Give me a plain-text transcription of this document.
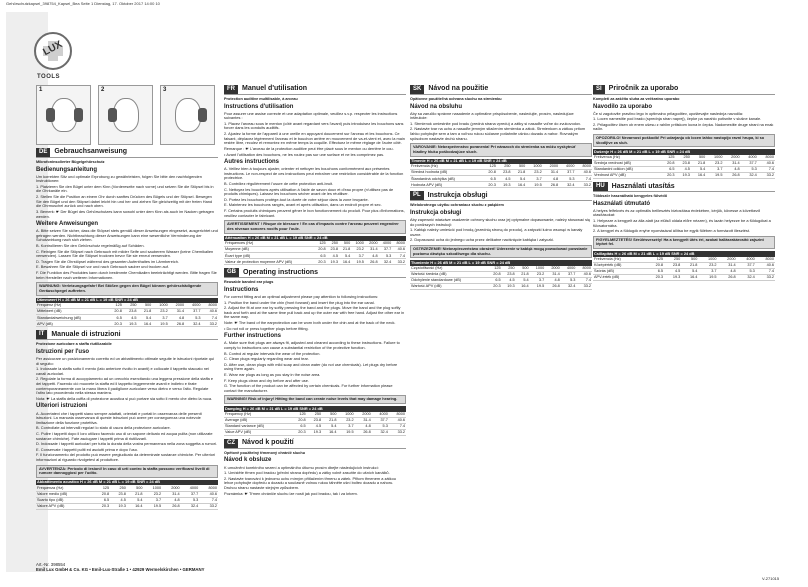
Gehörschutzkapsel_398754_Kapsel_Bea Seite 1 Dienstag, 17. Oktober 2017 14:00 10
LUX
TOOLS
1	2	3
DE	Gebrauchsanweisung
Mikrofoninsolierter Bügelgehörschutz
Bedienungsanleitung

Um korrekten Sitz und optimale Erprobung zu gewährleisten, folgen Sie bitte den nachfolgenden Instruktionen:

1. Platzieren Sie den Bügel unter dem Kinn (Vordereseite nach vorne) und setzen Sie die Stöpsel bis in die Ohrkanäle ein.

2. Stellen Sie die Position an einem Ohr durch sanftes Drücken des Bügels und der Stöpsel. Bewegen Sie den Bügel und den Stöpsel dabei leicht hin und her und ziehen Sie gleichzeitig mit der freien Hand die Ohrmuschel zurück und nach oben.

3. Bemerk: ☛ Der Bügel des Gehörschutzes kann sowohl unter dem Kinn als auch im Nacken getragen werden.

Weitere Anweisungen

A. Bitte setzen Sie sicher, dass die Stöpsel stets gemäß dieser Anweisungen eingesetzt, ausgerichtet und getragen werden. Nichtbeachtung dieser Anweisungen kann eine wesentliche Verminderung der Schutzwirkung nach sich ziehen.

B. Kontrollieren Sie den Gehörschutz regelmäßig auf Schäden.

C. Reinigen Sie die Stöpsel nach Gebrauch mit milder Seife und sauberem Wasser (keine Chemikalien verwenden). Lassen Sie die Stöpsel trocknen bevor Sie sie erneut verwenden.

D. Tragen Sie die Ohrstöpsel während des gesamten Aufenthaltes im Lärmbereich.

E. Bewahren Sie die Stöpsel vor und nach Gebrauch sauber und trocken auf.

F. Die Funktion des Produktes kann durch bestimmte Chemikalien beeinträchtigt werden. Bitte fragen Sie beim Hersteller nach weiteren Informationen.

WARNUNG: Verletzungsgefahr! Bei Stößen gegen den Bügel können gehörschädigende Geräuschpegel auftreten.
Dämmwert H = 26 dB M = 21 dB L = 19 dB SNR = 24 dB							
Frequenz (Hz)	125	250	500	1000	2000	4000	8000
Mittelwert (dB)	20.8	23.8	21.8	23.2	31.4	37.7	40.6
Standardabweichung (dB)	6.5	4.5	5.4	3.7	4.8	5.3	7.4
APV (dB)	20.3	19.3	16.4	19.5	26.8	32.4	33.2
IT	Manuale di istruzioni
Protezione auricolare a staffa riutilizzabile
Istruzioni per l'uso

Per assicurare un posizionamento corretto ed un abbattimento ottimale seguite le istruzioni riportate qui di seguito:

1. Indossate la staffa sotto il mento (lato anteriore rivolto in avanti) e collocate il tappetto staccato nei canali auricolari.

2. Regolate la forma di accoppiamento ad un orecchio esercitando una leggera pressione della staffa e dei tappetti. Facendo ciò muovete la staffa ed il tappetto leggermente avanti e indietro e tirate contemporaneamente con la mano libera il padiglione auricolare verso dietro e verso l'alto. Regolate l'altro lato procedendo nella stessa maniera.

Nota: ☛ La staffa della cuffia di protezione acustica si può portare sia sotto il mento che dietro la nuca.

Ulteriori istruzioni

A. Accertatevi che i tappetti siano sempre adattati, orientati e portati in osservanza delle presenti istruzioni. La mancata osservanza di queste istruzioni può avere per conseguenza una notevole limitazione della funzione protettiva.

B. Controllate ad intervalli regolari lo stato di usura della protezione auricolare.

C. Pulire i tappetti dopo il loro utilizzo facendo uso di un sapone delicato ed acqua pulita (non utilizzate sostanze chimiche). Fate asciugare i tappetti prima di riutilizzarli.

D. Indossate i tappetti auricolari per tutta la durata della vostra permanenza nella zona soggetta a rumori.

E. Conservate i tappetti puliti ed asciutti prima e dopo l'uso.

F. Il funzionamento del prodotto può essere pregiudicato da determinate sostanze chimiche. Per ulteriori informazioni al riguardo rivolgetevi al produttore.

AVVERTENZA: Pericolo di lesioni! In caso di urti contro la staffa possono verificarsi livelli di rumore dannoggiosi per l'udito.
Abbattimento acustico H = 26 dB M = 21 dB L = 19 dB SNR = 24 dB							
Frequenza (Hz)	125	250	500	1000	2000	4000	8000
Valore medio (dB)	20.8	23.8	21.8	23.2	31.4	37.7	40.6
Scarto tipo (dB)	6.5	4.5	5.4	3.7	4.8	5.3	7.4
Valore APV (dB)	20.3	19.3	16.4	19.5	26.8	32.4	33.2
FR	Manuel d'utilisation
Protection auditive multilisable, à arceau
Instructions d'utilisation

Pour assurer une assise correcte et une adaptation optimale, veuillez s.v.p. respecter les instructions suivantes :

1. Placez l'arceau sous le menton (côté avant regardant vers l'avant) puis introduisez les bouchons sans forcer dans les conduits auditifs.

2. Ajustez la forme de l'appareil à une oreille en appuyant doucement sur l'arceau et les bouchons. Ce faisant, déplacez légèrement l'arceau et le bouchon arrière en mouvement de va-et-vient et, avec la main restée libre, reculez et remontez en même temps la coquille. Effectuez le même réglage de l'autre côté.

Remarque : ☛ L'arceau de la protection auditive peut être placé sous le menton ou derrière le cou.

• Avant l'utilisation des bouchons, ne les roulez pas sur une surface et ne les comprimez pas.

Autres instructions

A. Veillez bien à toujours ajuster, orienter et nettoyer les bouchons conformément aux présentes instructions. Le non-respect de ces instructions peut entraîner une restriction considérable de la fonction protectrice.

B. Contrôlez régulièrement l'usure de cette protection anti-bruit.

C. Nettoyez les bouchons après utilisation à l'aide de savon doux et d'eau propre (n'utilisez pas de produits chimiques). Laissez les bouchons sécher avant de les réutiliser.

D. Portez les bouchons protège-tout la durée de votre séjour dans la zone bruyante.

E. Maintenez les bouchons rangés, avant et après utilisation, dans un endroit propre et sec.

F. Certains produits chimiques peuvent gêner le bon fonctionnement du produit. Pour plus d'informations, veuillez contacter le fabricant.

AVERTISSEMENT ! Risque de blessure ! En cas d'impacts contre l'arceau peuvent engendrer des niveaux sonores nocifs pour l'ouïe.
Atténuation H = 26 dB M = 21 dB L = 19 dB SNR = 24 dB							
Fréquences (Hz)	125	250	500	1000	2000	4000	8000
Moyenne (dB)	20.8	23.8	21.8	23.2	31.4	37.7	40.6
Écart type (dB)	6.5	4.5	5.4	3.7	4.8	5.3	7.4
Valeur de protection moyenne APV (dB)	20.3	19.3	16.4	19.5	26.8	32.4	33.2
GB	Operating instructions
Reusable banded ear plugs
Instructions

For correct fitting and an optimal adjustment please pay attention to following instructions:

1. Position the band under the chin (front forward) and insert the plug into the ear canal.

2. Adjust the fit at one ear by softly pressing the band and the plugs. Move the band and the plug softly back and forth and at the same time pull back and up the outer ear with free hand. Adjust the other ear in the same way.

Note: ☛ The band of the earprotection can be worn both under the chin and at the back of the neck.

• Do not roll or press together plugs before fitting.

Further instructions

A. Make sure that plugs are always fit, adjusted and cleaned according to these instructions. Failure to comply to instructions can cause a substantial restriction of the protective function.

B. Control at regular intervals the wear of the protection.

C. Clean plugs regularly regarding wear and tear.

D. After use, clean plugs with mild soap and clean water (do not use chemicals). Let plugs dry before using them again.

E. Wear ear plugs as long as you stay in the noise area.

F. Keep plugs clean and dry before and after use.

G. The function of the product can be affected by certain chemicals. For further information please contact the manufacturer.

WARNING! Risk of injury! Hitting the band can create noise levels that may damage hearing.
Damping H = 26 dB M = 21 dB L = 19 dB SNR = 24 dB							
Frequency (Hz)	125	250	500	1000	2000	4000	8000
Average (dB)	20.8	23.8	21.8	23.2	31.4	37.7	40.6
Standard variance (dB)	6.5	4.5	5.4	3.7	4.8	5.3	7.4
Value APV (dB)	20.3	19.3	16.4	19.5	26.8	32.4	33.2
CZ	Návod k použití
Opětově použitelný třmenový chránič sluchu
Návod k obsluze

K umožnění korektního sezení a optimálního útlumu prosím dbejte následujících instrukcí:

1. Umístěte třmen pod bradou (přední strana dopředu) a zátky volně zasuňte do ušních kanálků.

2. Nastavte tvarování k jednomu uchu mírným přitlačením třmenu a zátek. Přitom třmenem a zátkou lehce pohybujte dopředu a dozadu a současně volnou rukou táhněte ušní boltec dozadu a nahoru. Druhou stranu nastavte stejným způsobem.

Poznámka: ☛ Třmen chrániče sluchu lze nosit jak pod bradou, tak i za krkem.

SK	Návod na použitie
Opätovne použiteľná ochrana sluchu na strmienku
Návod na obsluhu

Aby sa zaručilo správne nasadenie a optimálne prispôsobenie, nasledujte, prosím, nasledujúce inštrukcie:

1. Strmienok umiestnite pod bradu (predná strana vpredu) a zátky si nasaďte voľne do zvukovodov.

2. Nastavte tvar na uchu a nasaďte jemným stlačením strmienka a zátok. Strmienkom a zátkou pritom ľahko pohybujte sem a tam a voľnou rukou súčasne potiahnite ušnicu dozadu a nahor. Rovnakým spôsobom nastavte druhú stranu.

VAROVANIE: Nebezpečenstvo poranenia! Pri nárazoch do strmienka sa môžu vyskytnúť hladiny hluku poškodzujúce sluch.
Tlmenie H = 26 dB M = 21 dB L = 19 dB SNR = 24 dB							
Frekvencia (Hz)	125	250	500	1000	2000	4000	8000
Stredná hodnota (dB)	20.8	23.8	21.8	23.2	31.4	37.7	40.6
Štandardná odchýlka (dB)	6.5	4.5	5.4	3.7	4.8	5.3	7.4
Hodnota APV (dB)	20.3	19.3	16.4	19.5	26.8	32.4	33.2
PL	Instrukcja obsługi
Wielokrotnego użytku ochraniacz słuchu z pałąkiem
Instrukcja obsługi

Aby zapewnić właściwe osadzenie ochrony słuchu oraz jej optymalne dopasowanie, należy stosować się do poniższych instrukcji:

1. Kabłąk należy umieścić pod brodą (przednią stroną do przodu), a zatyczki luźno wsunąć w kanały uszne.

2. Dopasować ucha do jednego ucha przez delikatne naciśnięcie kabłąka i zatyczki.

OSTRZEŻENIE! Niebezpieczeństwo obrażeń! Uderzenie w kabłąk mogą powodować powstanie poziomu dźwięku szkodliwego dla słuchu.
Tłumienie H = 26 dB M = 21 dB L = 19 dB SNR = 24 dB							
Częstotliwość (Hz)	125	250	500	1000	2000	4000	8000
Wartość średnia (dB)	20.8	23.8	21.8	23.2	31.4	37.7	40.6
Odchylenie standardowe (dB)	6.5	4.5	5.4	3.7	4.8	5.3	7.4
Wartość APV (dB)	20.3	19.3	16.4	19.5	26.8	32.4	33.2
SI	Priročnik za uporabo
Kompleti za zaščito sluha za večkratno uporabo
Navodilo za uporabo

Če si zagotovite pravilno lego in optimalno prilagoditev, upoštevajte naslednja navodila:

1. Locen namestite pod brado (sprednja stran naprej), čepke pa narahlo potisnite v slušne kanale.

2. Prilagoditev čisen ob enem ušesu z rahlim pritiskom locna in čepka. Nadomestite druge strani na enak način.

OPOZORILO! Nevarnost poškodb! Pri udarjanju ob locen lahko nastopijo ravni hrupa, ki so škodljive za sluh.
Dušenje H = 26 dB M = 21 dB L = 19 dB SNR = 24 dB							
Frekvenca (Hz)	125	250	500	1000	2000	4000	8000
Srednja vrednost (dB)	20.8	23.8	21.8	23.2	31.4	37.7	40.6
Standardni odklon (dB)	6.5	4.5	5.4	3.7	4.8	5.3	7.4
Vrednost APV (dB)	20.3	19.3	16.4	19.5	26.8	32.4	33.2
HU	Használati utasítás
Többször használható kengyeles fülvédő
Használati útmutató

A helyes felfekvés és az optimális beillesztés biztosítása érdekében, kérjük, kövesse a következő utasításokat:

1. Helyezze a kengyelt az álla alatt (az elülső oldala előre nézzen), és lazán helyezze be a füldugókat a fülcsatornába.

2. A kengyel és a füldugók enyhe nyomásával állítsa be egyik fülében a formázott illesztést.

FIGYELMEZTETÉS! Sérülésveszély! Ha a kengyelt ütés éri, azokat hallásrakárosító zajszint léphet fel.
Csillapítás H = 26 dB M = 21 dB L = 19 dB SNR = 24 dB							
Frekvencia (Hz)	125	250	500	1000	2000	4000	8000
Középérték (dB)	20.8	23.8	21.8	23.2	31.4	37.7	40.6
Szórás (dB)	6.5	4.5	5.4	3.7	4.8	5.3	7.4
APV-érték (dB)	20.3	19.3	16.4	19.5	26.8	32.4	33.2
Art.-Nr. 398554
Emil Lux GmbH & Co. KG • Emil-Lux-Straße 1 • 42929 Wermelskirchen • GERMANY
V-271015
